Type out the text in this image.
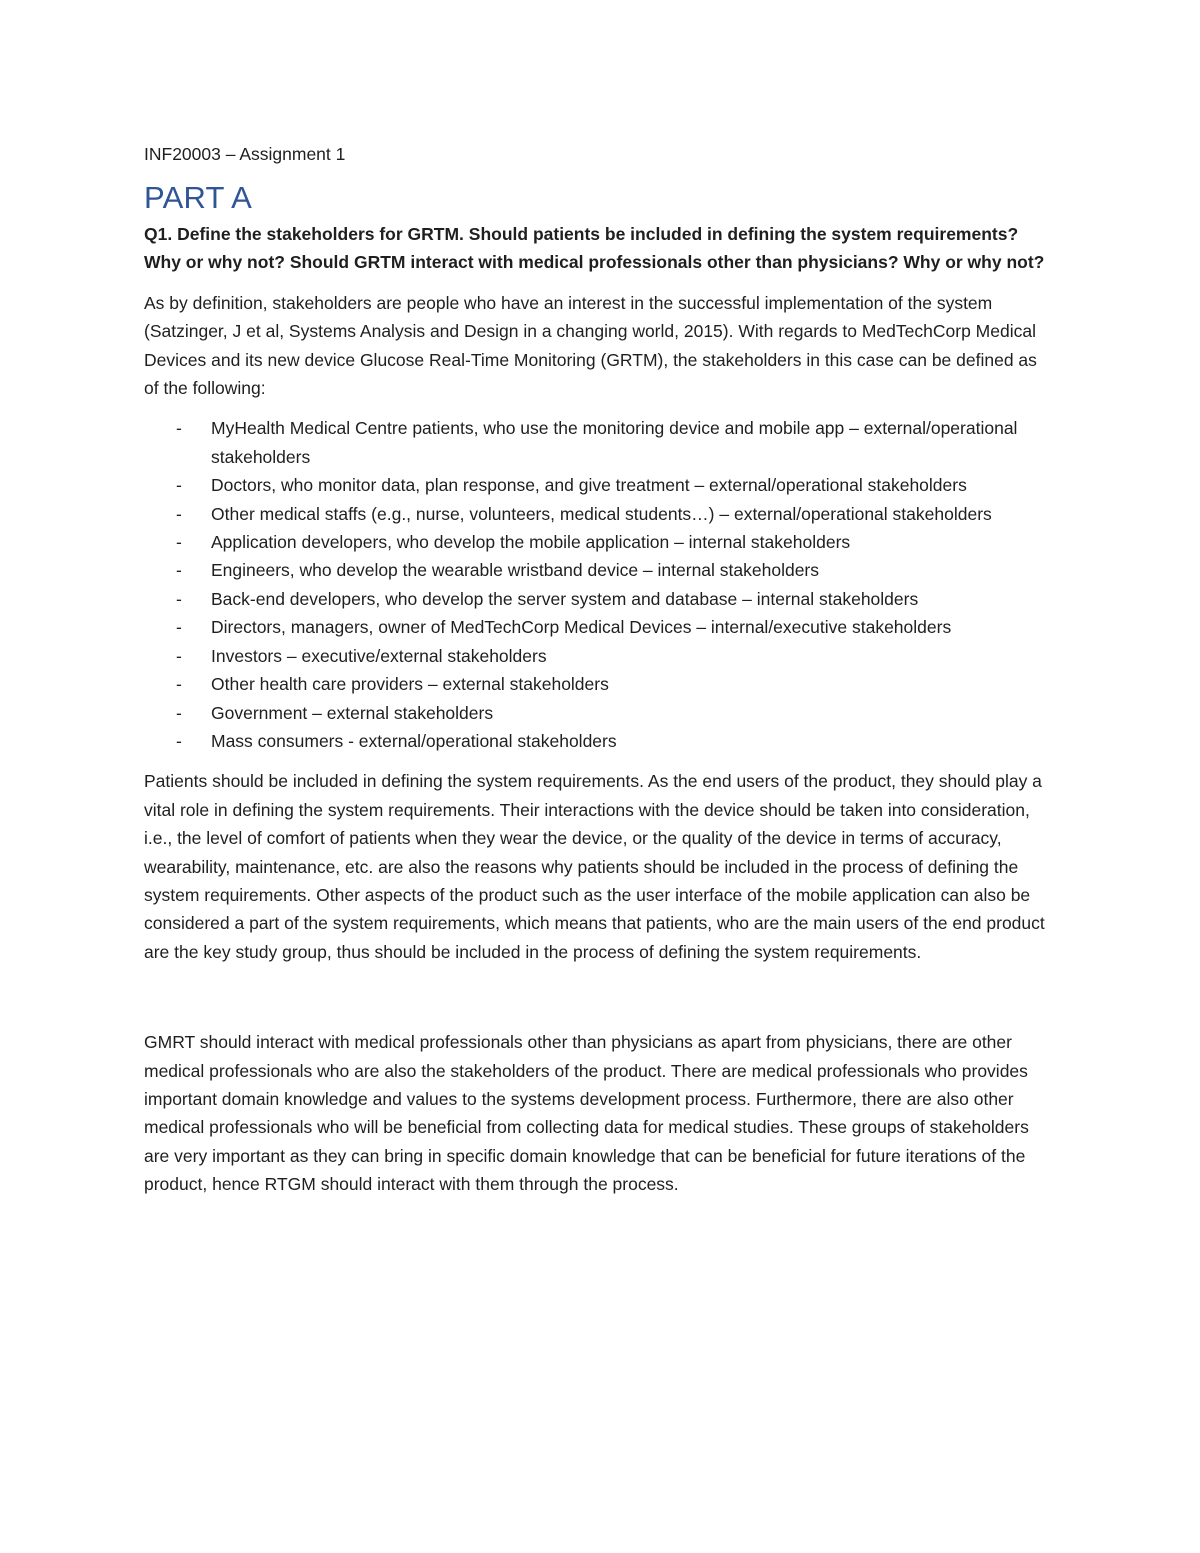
INF20003 – Assignment 1
PART A

Q1. Define the stakeholders for GRTM. Should patients be included in defining the system requirements? Why or why not? Should GRTM interact with medical professionals other than physicians? Why or why not?

As by definition, stakeholders are people who have an interest in the successful implementation of the system (Satzinger, J et al, Systems Analysis and Design in a changing world, 2015). With regards to MedTechCorp Medical Devices and its new device Glucose Real-Time Monitoring (GRTM), the stakeholders in this case can be defined as of the following:

- MyHealth Medical Centre patients, who use the monitoring device and mobile app – external/operational stakeholders
- Doctors, who monitor data, plan response, and give treatment – external/operational stakeholders
- Other medical staffs (e.g., nurse, volunteers, medical students…) – external/operational stakeholders
- Application developers, who develop the mobile application – internal stakeholders
- Engineers, who develop the wearable wristband device – internal stakeholders
- Back-end developers, who develop the server system and database – internal stakeholders
- Directors, managers, owner of MedTechCorp Medical Devices – internal/executive stakeholders
- Investors – executive/external stakeholders
- Other health care providers – external stakeholders
- Government – external stakeholders
- Mass consumers - external/operational stakeholders

Patients should be included in defining the system requirements. As the end users of the product, they should play a vital role in defining the system requirements. Their interactions with the device should be taken into consideration, i.e., the level of comfort of patients when they wear the device, or the quality of the device in terms of accuracy, wearability, maintenance, etc. are also the reasons why patients should be included in the process of defining the system requirements. Other aspects of the product such as the user interface of the mobile application can also be considered a part of the system requirements, which means that patients, who are the main users of the end product are the key study group, thus should be included in the process of defining the system requirements.

GMRT should interact with medical professionals other than physicians as apart from physicians, there are other medical professionals who are also the stakeholders of the product. There are medical professionals who provides important domain knowledge and values to the systems development process. Furthermore, there are also other medical professionals who will be beneficial from collecting data for medical studies. These groups of stakeholders are very important as they can bring in specific domain knowledge that can be beneficial for future iterations of the product, hence RTGM should interact with them through the process.
